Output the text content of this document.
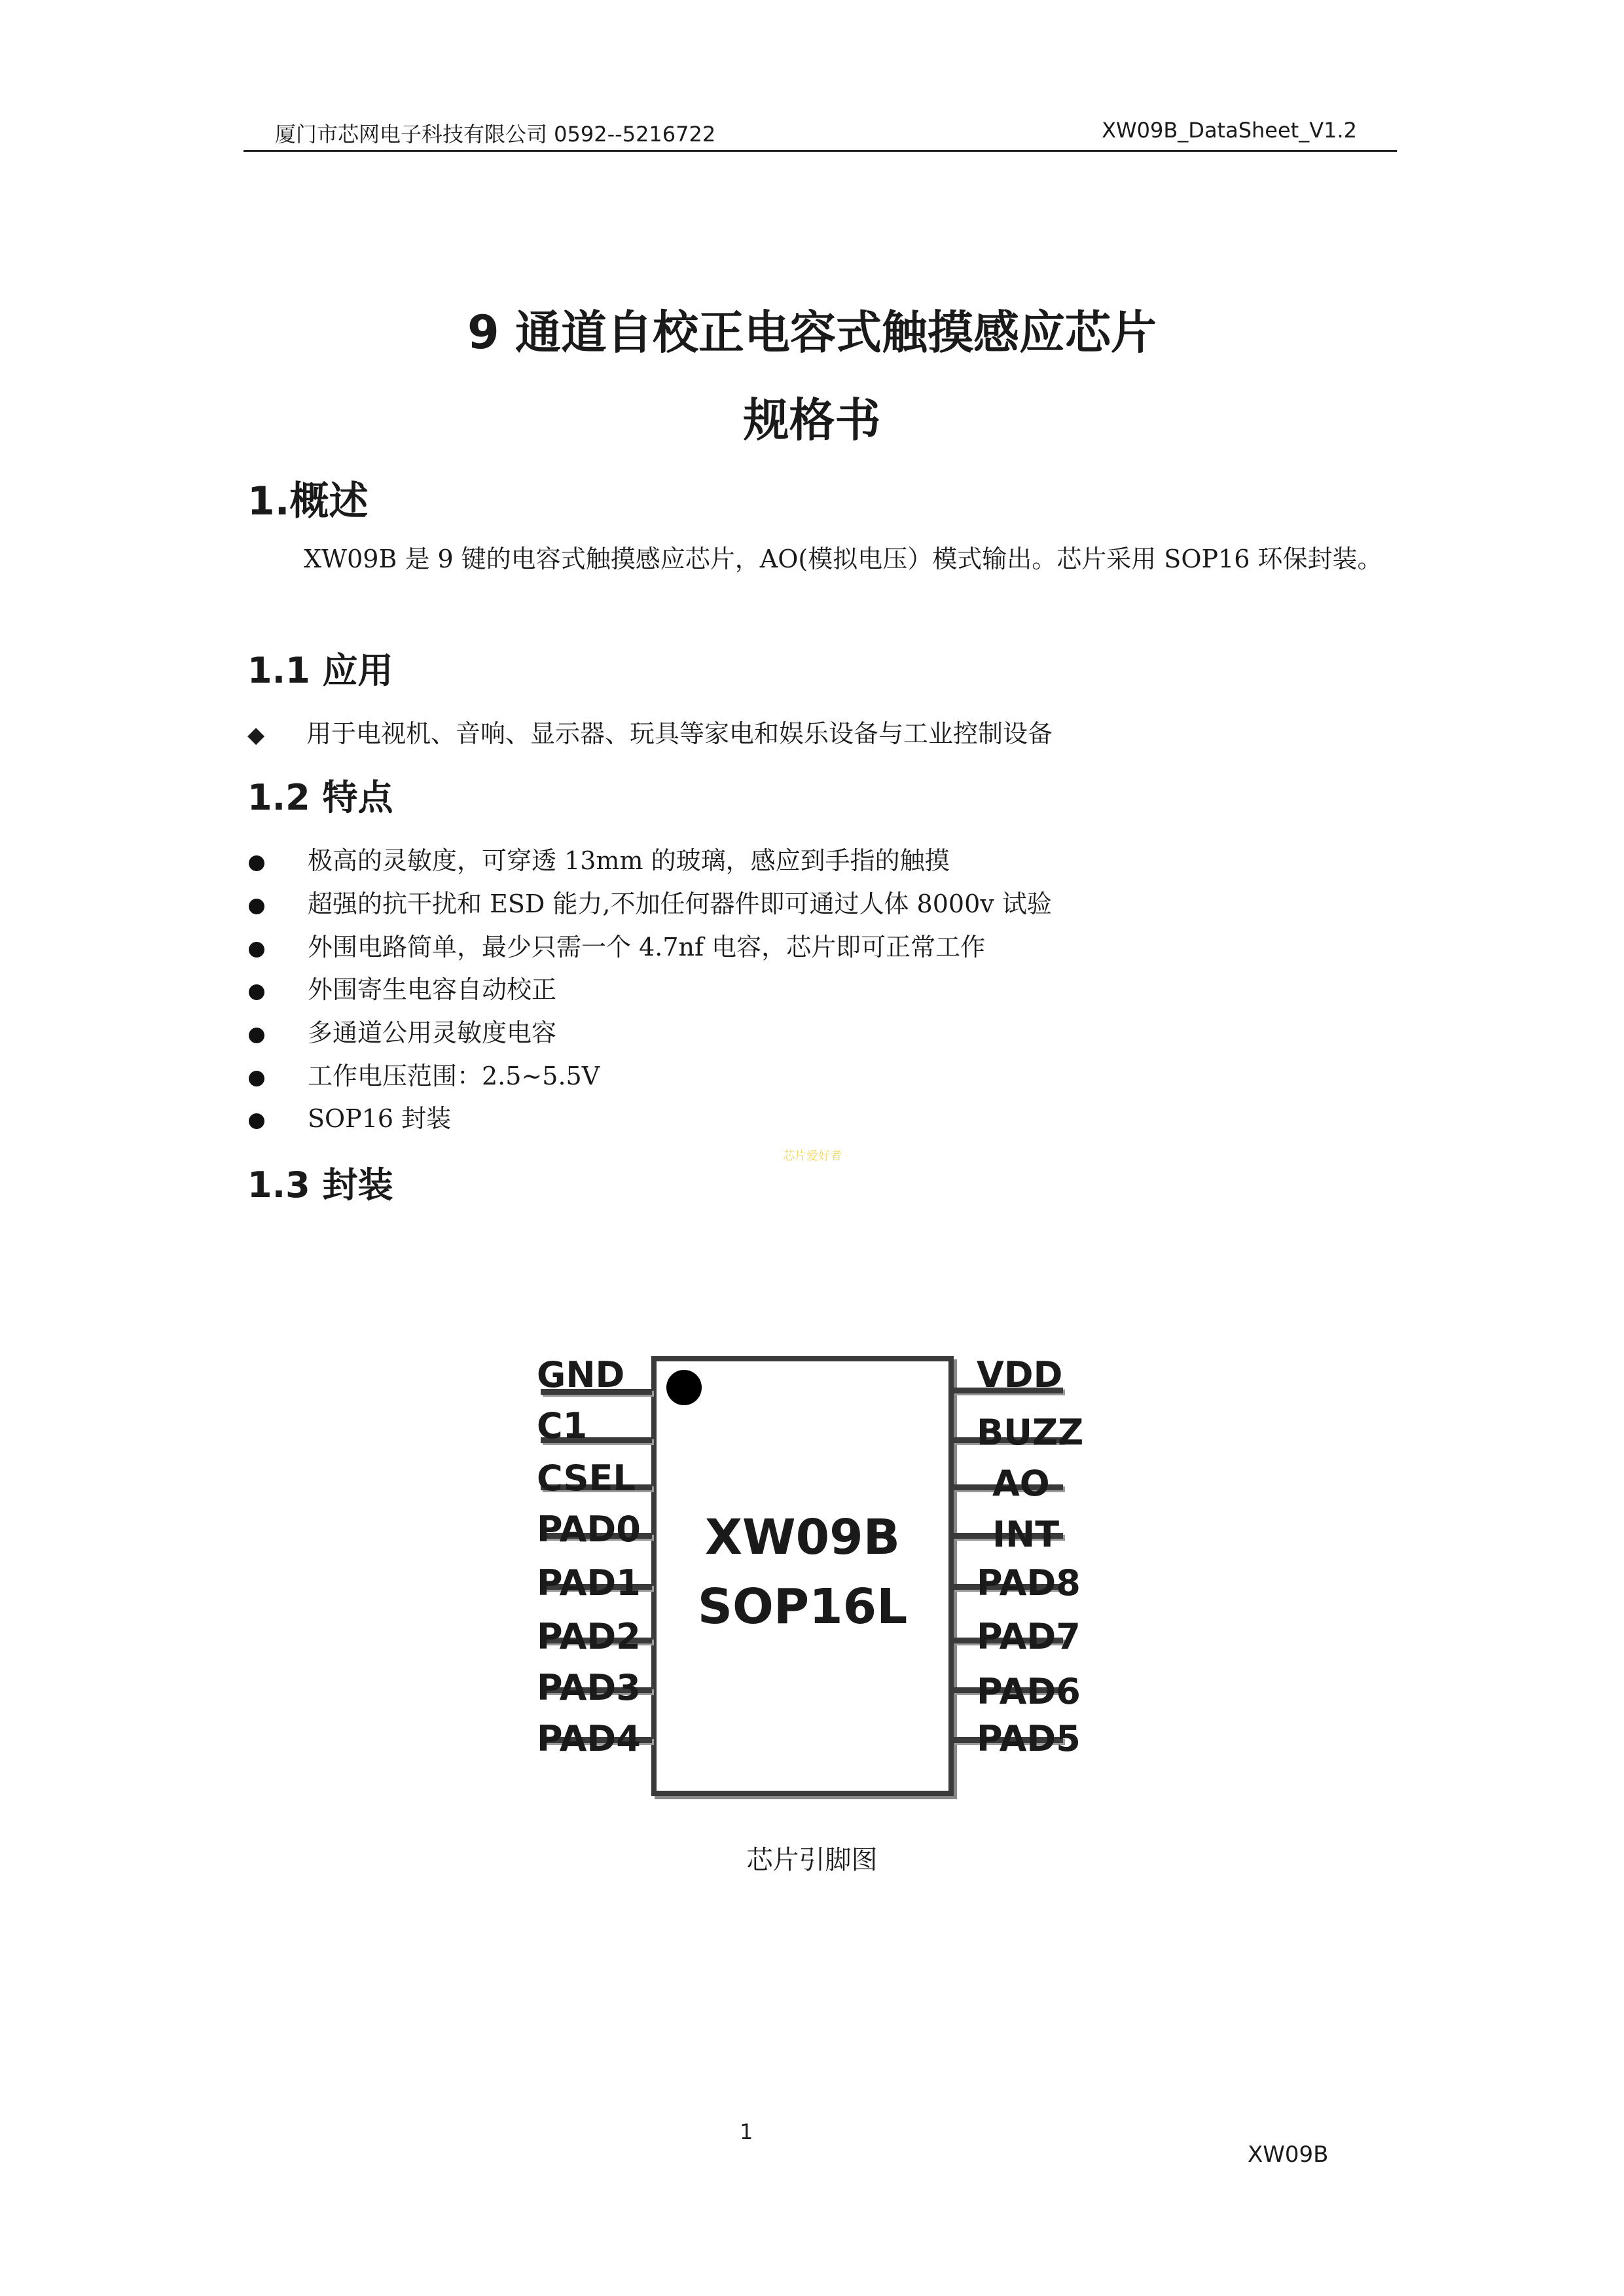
厦门市芯网电子科技有限公司 0592--5216722	XW09B_DataSheet_V1.2
9 通道自校正电容式触摸感应芯片
规格书
1.概述
XW09B 是 9 键的电容式触摸感应芯片，AO(模拟电压）模式输出。芯片采用 SOP16 环保封装。
1.1 应用
◆ 用于电视机、音响、显示器、玩具等家电和娱乐设备与工业控制设备
1.2 特点
极高的灵敏度，可穿透 13mm 的玻璃，感应到手指的触摸
超强的抗干扰和 ESD 能力,不加任何器件即可通过人体 8000v 试验
外围电路简单，最少只需一个 4.7nf 电容，芯片即可正常工作
外围寄生电容自动校正
多通道公用灵敏度电容
工作电压范围：2.5~5.5V
SOP16 封装
芯片爱好者
1.3 封装
XW09B
SOP16L
GND
C1
CSEL
PAD0
PAD1
PAD2
PAD3
PAD4
VDD
BUZZ
AO
INT
PAD8
PAD7
PAD6
PAD5
芯片引脚图
1
XW09B
